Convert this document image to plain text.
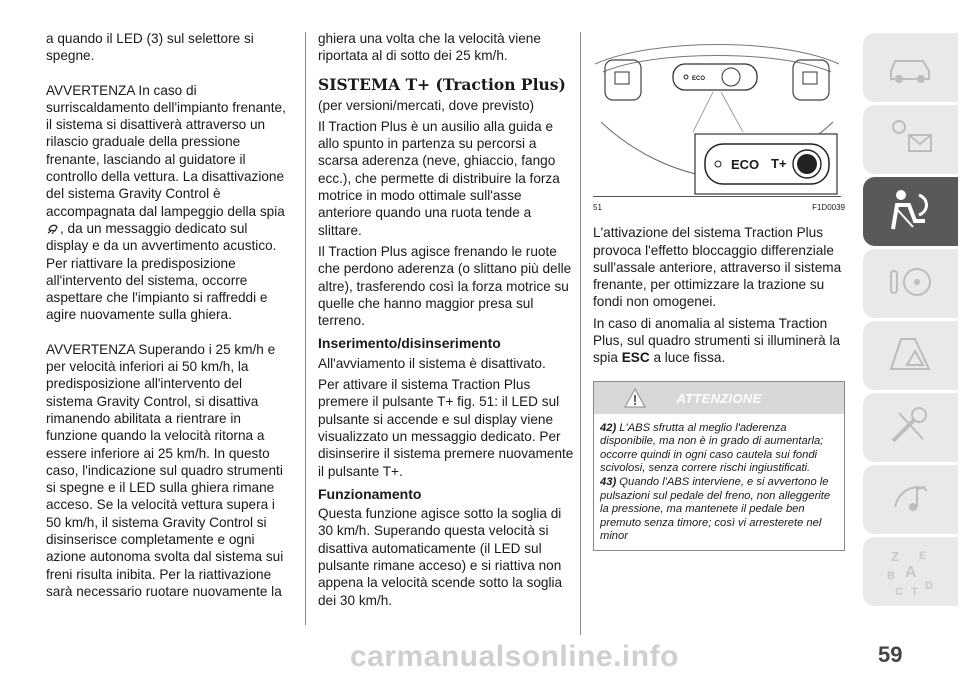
a quando il LED (3) sul selettore si spegne.

AVVERTENZA In caso di surriscaldamento dell'impianto frenante, il sistema si disattiverà attraverso un rilascio graduale della pressione frenante, lasciando al guidatore il controllo della vettura. La disattivazione del sistema Gravity Control è accompagnata dal lampeggio della spia , da un messaggio dedicato sul display e da un avvertimento acustico. Per riattivare la predisposizione all'intervento del sistema, occorre aspettare che l'impianto si raffreddi e agire nuovamente sulla ghiera.

AVVERTENZA Superando i 25 km/h e per velocità inferiori ai 50 km/h, la predisposizione all'intervento del sistema Gravity Control, si disattiva rimanendo abilitata a rientrare in funzione quando la velocità ritorna a essere inferiore ai 25 km/h. In questo caso, l'indicazione sul quadro strumenti si spegne e il LED sulla ghiera rimane acceso. Se la velocità vettura supera i 50 km/h, il sistema Gravity Control si disinserisce completamente e ogni azione autonoma svolta dal sistema sui freni risulta inibita. Per la riattivazione sarà necessario ruotare nuovamente la

ghiera una volta che la velocità viene riportata al di sotto dei 25 km/h.

SISTEMA T+ (Traction Plus)

(per versioni/mercati, dove previsto)

Il Traction Plus è un ausilio alla guida e allo spunto in partenza su percorsi a scarsa aderenza (neve, ghiaccio, fango ecc.), che permette di distribuire la forza motrice in modo ottimale sull'asse anteriore quando una ruota tende a slittare.

Il Traction Plus agisce frenando le ruote che perdono aderenza (o slittano più delle altre), trasferendo così la forza motrice su quelle che hanno maggior presa sul terreno.

Inserimento/disinserimento

All'avviamento il sistema è disattivato.

Per attivare il sistema Traction Plus premere il pulsante T+ fig. 51: il LED sul pulsante si accende e sul display viene visualizzato un messaggio dedicato. Per disinserire il sistema premere nuovamente il pulsante T+.

Funzionamento

Questa funzione agisce sotto la soglia di 30 km/h. Superando questa velocità si disattiva automaticamente (il LED sul pulsante rimane acceso) e si riattiva non appena la velocità scende sotto la soglia dei 30 km/h.

ECO
ECO T+
51	F1D0039

L'attivazione del sistema Traction Plus provoca l'effetto bloccaggio differenziale sull'assale anteriore, attraverso il sistema frenante, per ottimizzare la trazione su fondi non omogenei.

In caso di anomalia al sistema Traction Plus, sul quadro strumenti si illuminerà la spia ESC a luce fissa.

ATTENZIONE
42) L'ABS sfrutta al meglio l'aderenza disponibile, ma non è in grado di aumentarla; occorre quindi in ogni caso cautela sui fondi scivolosi, senza correre rischi ingiustificati.
43) Quando l'ABS interviene, e si avvertono le pulsazioni sul pedale del freno, non alleggerite la pressione, ma mantenete il pedale ben premuto senza timore; così vi arresterete nel minor
Z E
B A
C T D
carmanualsonline.info	59
